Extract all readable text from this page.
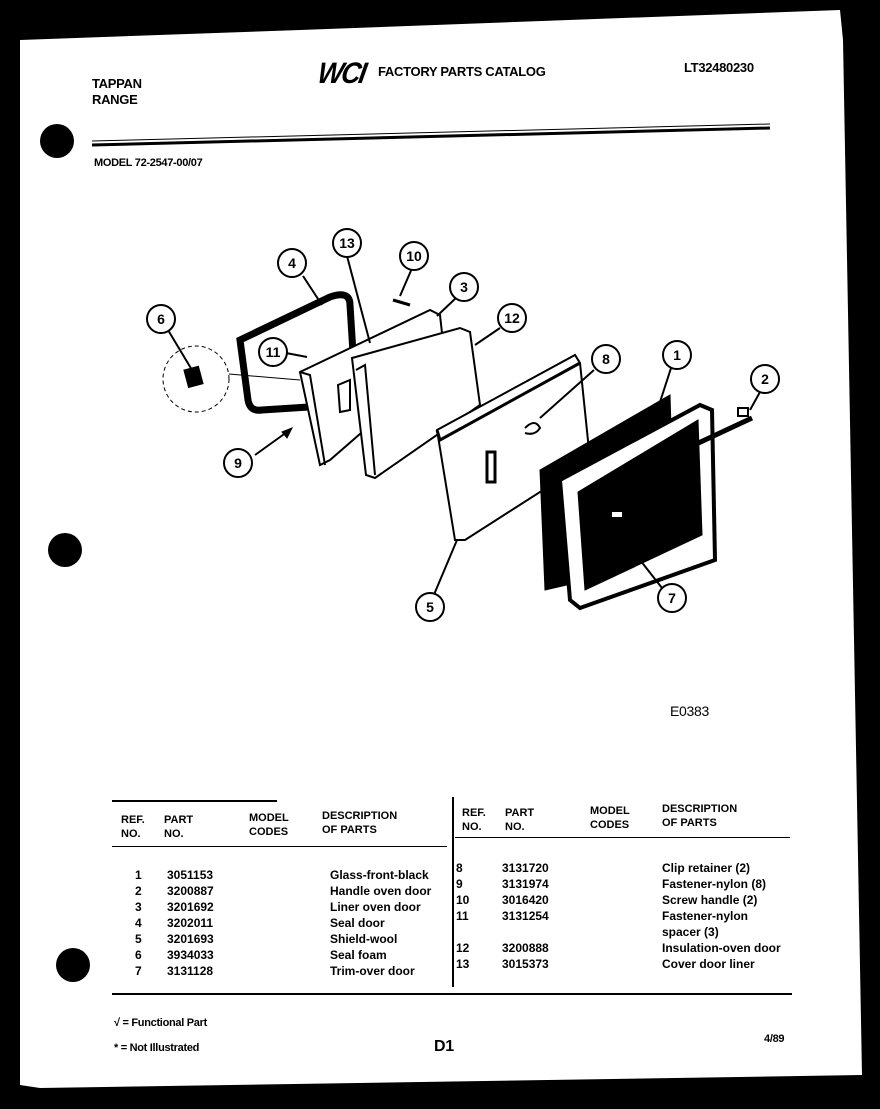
TAPPAN
RANGE
WCI FACTORY PARTS CATALOG	LT32480230
MODEL 72-2547-00/07
4
13
10
3
12
6
11	8	1
2
9
5
7
E0383
REF.
NO.
PART
NO.
MODEL
CODES
DESCRIPTION
OF PARTS
REF.
NO.
PART
NO.
MODEL
CODES
DESCRIPTION
OF PARTS
1 3051153	Glass-front-black
2 3200887	Handle oven door
3 3201692	Liner oven door
4 3202011	Seal door
5 3201693	Shield-wool
6 3934033	Seal foam
7 3131128	Trim-over door
8	3131720	Clip retainer (2)
9	3131974	Fastener-nylon (8)
10	3016420	Screw handle (2)
11	3131254	Fastener-nylon
spacer (3)
12	3200888	Insulation-oven door
13	3015373	Cover door liner
√ = Functional Part
* = Not Illustrated	D1	4/89
